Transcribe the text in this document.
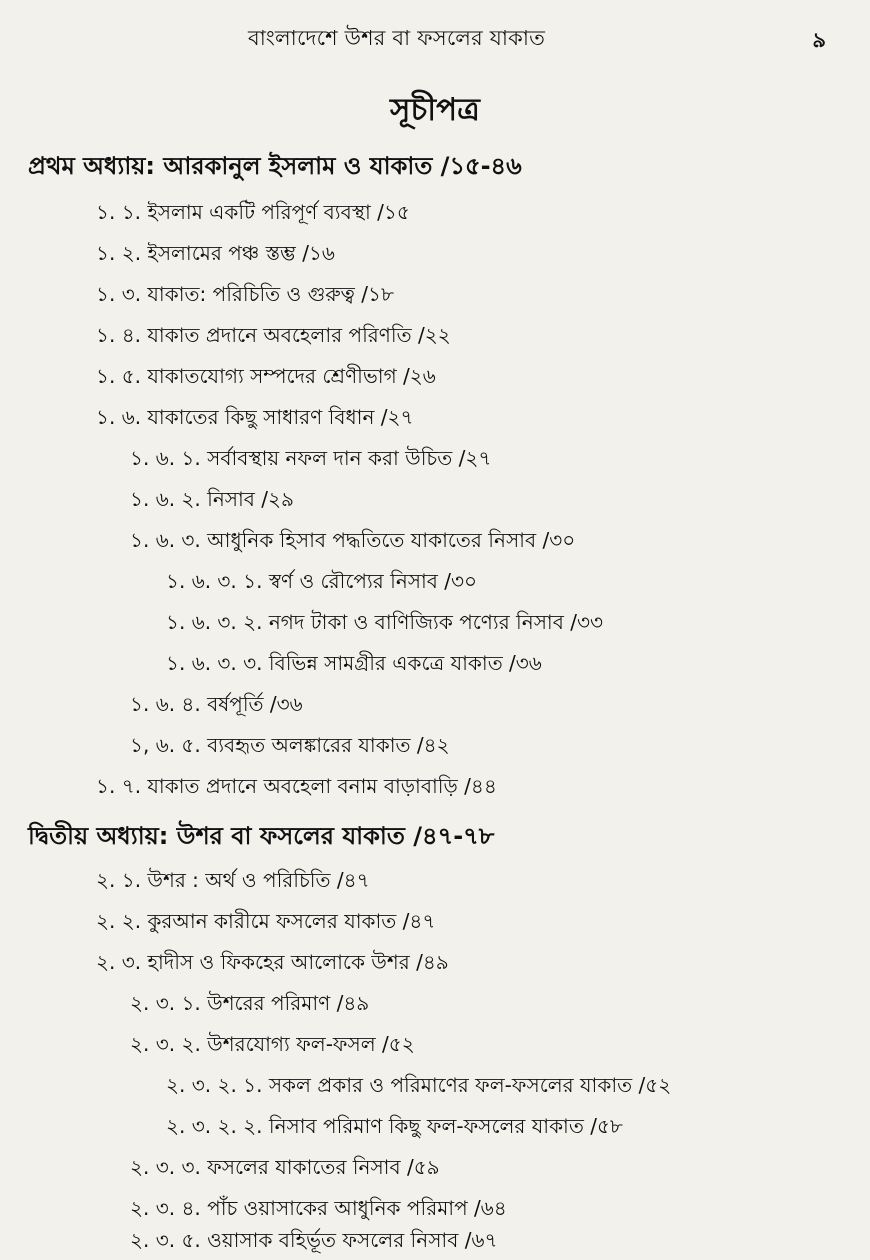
বাংলাদেশে উশর বা ফসলের যাকাত	৯
সূচীপত্র
প্রথম অধ্যায়: আরকানুল ইসলাম ও যাকাত /১৫-৪৬
১. ১. ইসলাম একটি পরিপূর্ণ ব্যবস্থা /১৫
১. ২. ইসলামের পঞ্চ স্তম্ভ /১৬
১. ৩. যাকাত: পরিচিতি ও গুরুত্ব /১৮
১. ৪. যাকাত প্রদানে অবহেলার পরিণতি /২২
১. ৫. যাকাতযোগ্য সম্পদের শ্রেণীভাগ /২৬
১. ৬. যাকাতের কিছু সাধারণ বিধান /২৭
১. ৬. ১. সর্বাবস্থায় নফল দান করা উচিত /২৭
১. ৬. ২. নিসাব /২৯
১. ৬. ৩. আধুনিক হিসাব পদ্ধতিতে যাকাতের নিসাব /৩০
১. ৬. ৩. ১. স্বর্ণ ও রৌপ্যের নিসাব /৩০
১. ৬. ৩. ২. নগদ টাকা ও বাণিজ্যিক পণ্যের নিসাব /৩৩
১. ৬. ৩. ৩. বিভিন্ন সামগ্রীর একত্রে যাকাত /৩৬
১. ৬. ৪. বর্ষপূর্তি /৩৬
১, ৬. ৫. ব্যবহৃত অলঙ্কারের যাকাত /৪২
১. ৭. যাকাত প্রদানে অবহেলা বনাম বাড়াবাড়ি /৪৪
দ্বিতীয় অধ্যায়: উশর বা ফসলের যাকাত /৪৭-৭৮
২. ১. উশর : অর্থ ও পরিচিতি /৪৭
২. ২. কুরআন কারীমে ফসলের যাকাত /৪৭
২. ৩. হাদীস ও ফিকহের আলোকে উশর /৪৯
২. ৩. ১. উশরের পরিমাণ /৪৯
২. ৩. ২. উশরযোগ্য ফল-ফসল /৫২
২. ৩. ২. ১. সকল প্রকার ও পরিমাণের ফল-ফসলের যাকাত /৫২
২. ৩. ২. ২. নিসাব পরিমাণ কিছু ফল-ফসলের যাকাত /৫৮
২. ৩. ৩. ফসলের যাকাতের নিসাব /৫৯
২. ৩. ৪. পাঁচ ওয়াসাকের আধুনিক পরিমাপ /৬৪
২. ৩. ৫. ওয়াসাক বহির্ভূত ফসলের নিসাব /৬৭
